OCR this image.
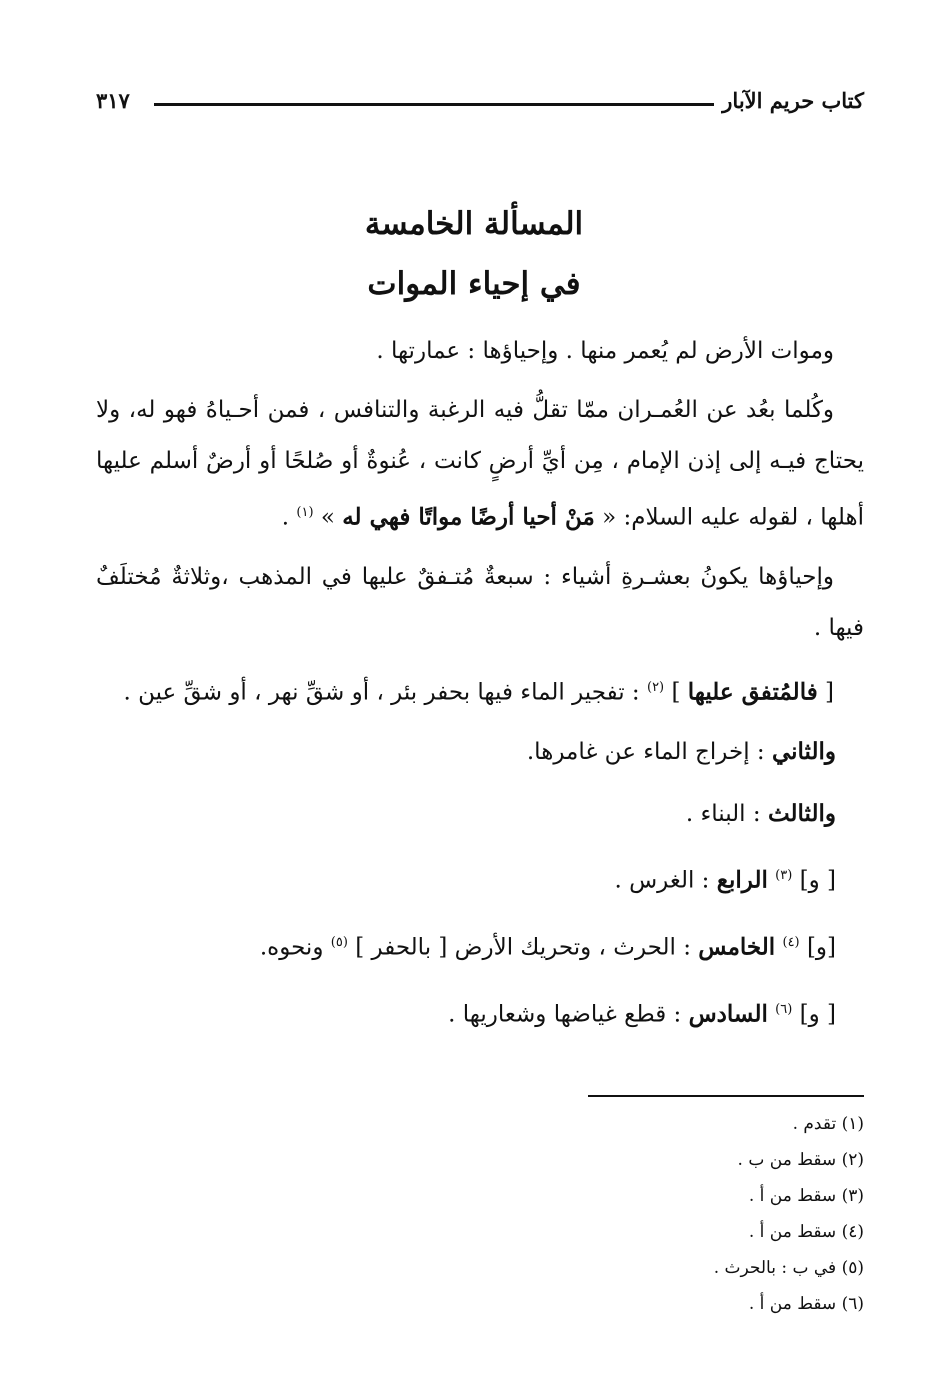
كتاب حريم الآبار
٣١٧
المسألة الخامسة
في إحياء الموات

وموات الأرض لم يُعمر منها . وإحياؤها : عمارتها .

وكُلما بعُد عن العُمـران ممّا تقلُّ فيه الرغبة والتنافس ، فمن أحـياهُ فهو له، ولا يحتاج فيـه إلى إذن الإمام ، مِن أيِّ أرضٍ كانت ، عُنوةٌ أو صُلحًا أو أرضٌ أسلم عليها أهلها ، لقوله عليه السلام: « مَنْ أحيا أرضًا مواتًا فهي له » $^{(١)}$ .

وإحياؤها يكونُ بعشـرةِ أشياء : سبعةٌ مُتـفقٌ عليها في المذهب ،وثلاثةٌ مُختلَفٌ فيها .

[ فالمُتفق عليها ] $^{(٢)}$ : تفجير الماء فيها بحفر بئر ، أو شقِّ نهر ، أو شقِّ عين .

والثاني : إخراج الماء عن غامرها.
والثالث : البناء .
[ و] $^{(٣)}$ الرابع : الغرس .
[و] $^{(٤)}$ الخامس : الحرث ، وتحريك الأرض [ بالحفر ] $^{(٥)}$ ونحوه.
[ و] $^{(٦)}$ السادس : قطع غياضها وشعاريها .
(١) تقدم .
(٢) سقط من ب .
(٣) سقط من أ .
(٤) سقط من أ .
(٥) في ب : بالحرث .
(٦) سقط من أ .
